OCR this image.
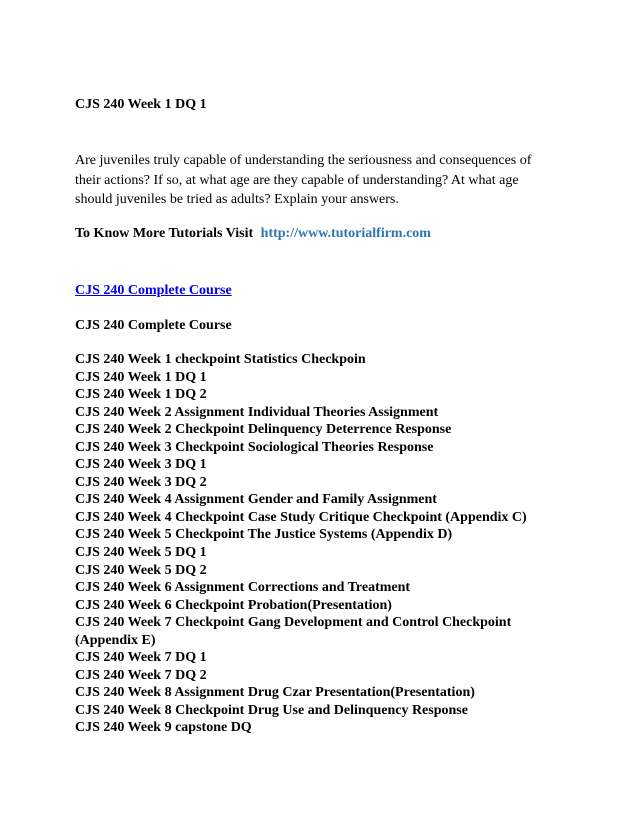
CJS 240 Week 1 DQ 1

Are juveniles truly capable of understanding the seriousness and consequences of
their actions? If so, at what age are they capable of understanding? At what age
should juveniles be tried as adults? Explain your answers.

To Know More Tutorials Visit http://www.tutorialfirm.com
CJS 240 Complete Course
CJS 240 Complete Course
CJS 240 Week 1 checkpoint Statistics Checkpoin
CJS 240 Week 1 DQ 1
CJS 240 Week 1 DQ 2
CJS 240 Week 2 Assignment Individual Theories Assignment
CJS 240 Week 2 Checkpoint Delinquency Deterrence Response
CJS 240 Week 3 Checkpoint Sociological Theories Response
CJS 240 Week 3 DQ 1
CJS 240 Week 3 DQ 2
CJS 240 Week 4 Assignment Gender and Family Assignment
CJS 240 Week 4 Checkpoint Case Study Critique Checkpoint (Appendix C)
CJS 240 Week 5 Checkpoint The Justice Systems (Appendix D)
CJS 240 Week 5 DQ 1
CJS 240 Week 5 DQ 2
CJS 240 Week 6 Assignment Corrections and Treatment
CJS 240 Week 6 Checkpoint Probation(Presentation)
CJS 240 Week 7 Checkpoint Gang Development and Control Checkpoint
(Appendix E)
CJS 240 Week 7 DQ 1
CJS 240 Week 7 DQ 2
CJS 240 Week 8 Assignment Drug Czar Presentation(Presentation)
CJS 240 Week 8 Checkpoint Drug Use and Delinquency Response
CJS 240 Week 9 capstone DQ
